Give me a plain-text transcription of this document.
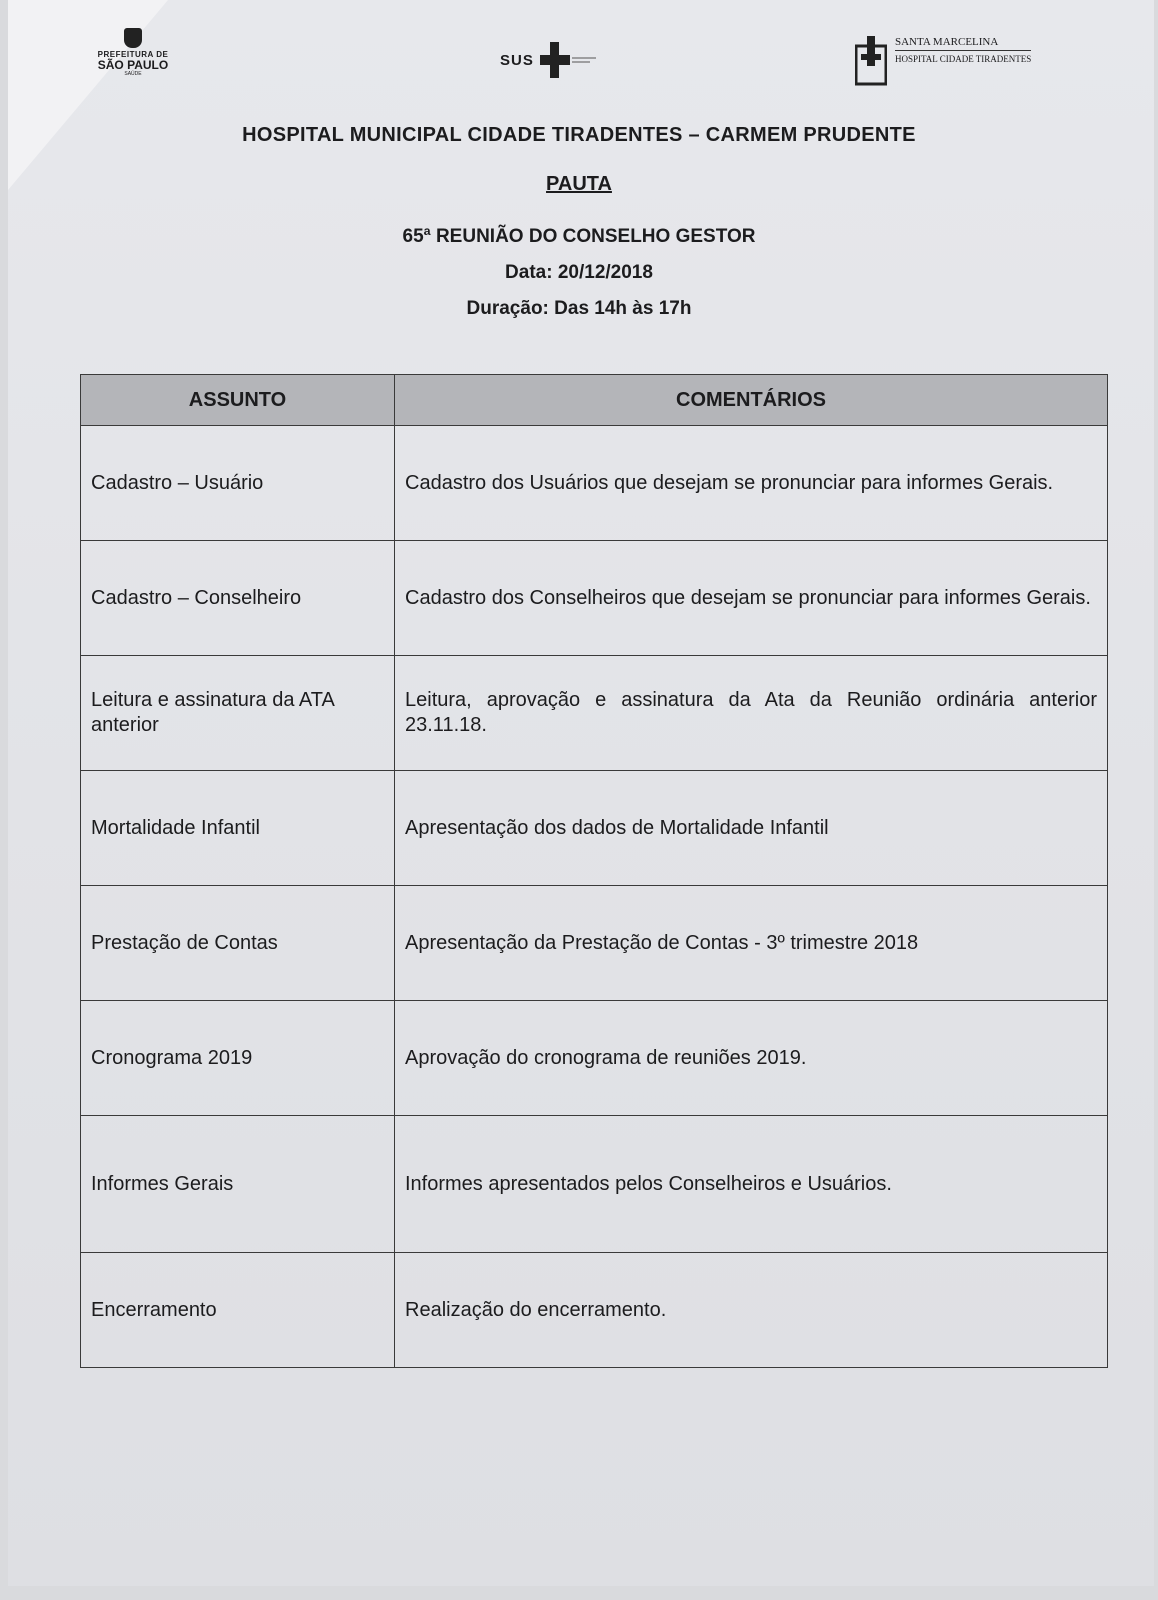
PREFEITURA DE
SÃO PAULO
SAÚDE
SUS
SANTA MARCELINA
HOSPITAL CIDADE TIRADENTES
HOSPITAL MUNICIPAL CIDADE TIRADENTES – CARMEM PRUDENTE
PAUTA
65ª REUNIÃO DO CONSELHO GESTOR
Data: 20/12/2018
Duração: Das 14h às 17h
ASSUNTO	COMENTÁRIOS
Cadastro – Usuário	Cadastro dos Usuários que desejam se pronunciar para informes Gerais.
Cadastro – Conselheiro	Cadastro dos Conselheiros que desejam se pronunciar para informes Gerais.
Leitura e assinatura da ATA anterior	Leitura, aprovação e assinatura da Ata da Reunião ordinária anterior 23.11.18.
Mortalidade Infantil	Apresentação dos dados de Mortalidade Infantil
Prestação de Contas	Apresentação da Prestação de Contas - 3º trimestre 2018
Cronograma 2019	Aprovação do cronograma de reuniões 2019.
Informes Gerais	Informes apresentados pelos Conselheiros e Usuários.
Encerramento	Realização do encerramento.
